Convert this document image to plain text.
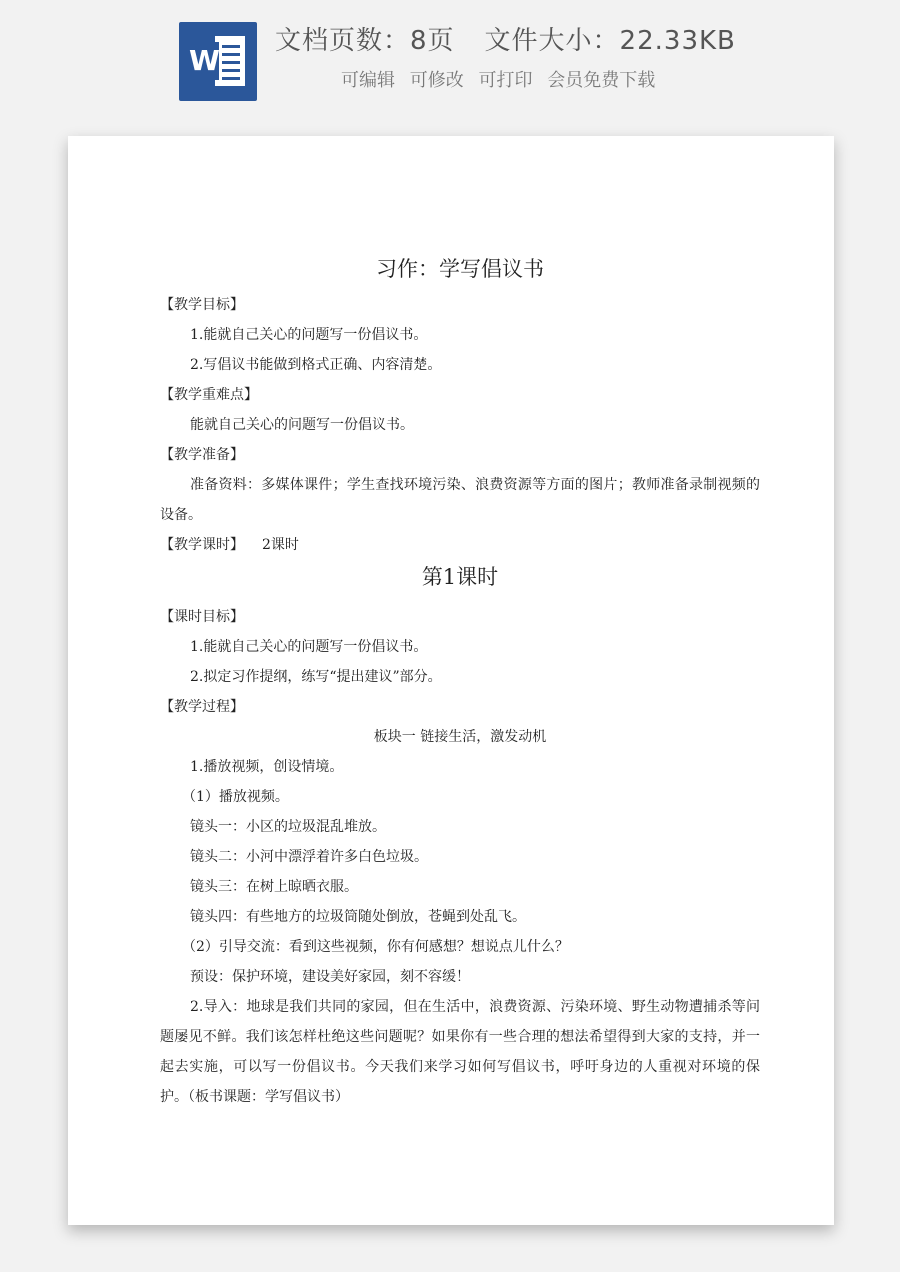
W
文档页数：8页 文件大小：22.33KB
可编辑 可修改 可打印 会员免费下载
习作：学写倡议书

【教学目标】

1.能就自己关心的问题写一份倡议书。

2.写倡议书能做到格式正确、内容清楚。

【教学重难点】

能就自己关心的问题写一份倡议书。

【教学准备】

准备资料：多媒体课件；学生查找环境污染、浪费资源等方面的图片；教师准备录制视频的设备。

【教学课时】 2课时

第1课时

【课时目标】

1.能就自己关心的问题写一份倡议书。

2.拟定习作提纲，练写“提出建议”部分。

【教学过程】

板块一 链接生活，激发动机

1.播放视频，创设情境。

（1）播放视频。

镜头一：小区的垃圾混乱堆放。

镜头二：小河中漂浮着许多白色垃圾。

镜头三：在树上晾晒衣服。

镜头四：有些地方的垃圾筒随处倒放，苍蝇到处乱飞。

（2）引导交流：看到这些视频，你有何感想？想说点儿什么？

预设：保护环境，建设美好家园，刻不容缓！

2.导入：地球是我们共同的家园，但在生活中，浪费资源、污染环境、野生动物遭捕杀等问题屡见不鲜。我们该怎样杜绝这些问题呢？如果你有一些合理的想法希望得到大家的支持，并一起去实施，可以写一份倡议书。今天我们来学习如何写倡议书，呼吁身边的人重视对环境的保护。（板书课题：学写倡议书）
